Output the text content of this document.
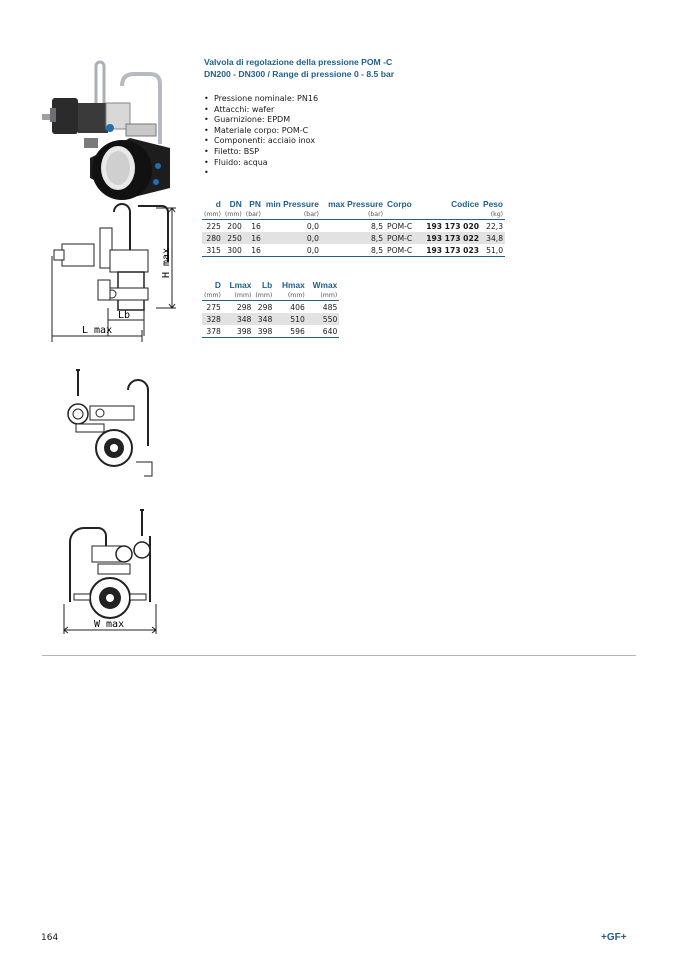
H max
Lb
L max
W max
Valvola di regolazione della pressione POM -C
DN200 - DN300 / Range di pressione 0 - 8.5 bar
• Pressione nominale: PN16
• Attacchi: wafer
• Guarnizione: EPDM
• Materiale corpo: POM-C
• Componenti: acciaio inox
• Filetto: BSP
• Fluido: acqua
•
d	DN	PN	min Pressure	max Pressure	Corpo	Codice	Peso
(mm)	(mm)	(bar)	(bar)	(bar)			(kg)
225	200	16	0,0	8,5	POM-C	193 173 020	22,3
280	250	16	0,0	8,5	POM-C	193 173 022	34,8
315	300	16	0,0	8,5	POM-C	193 173 023	51,0
D	Lmax	Lb	Hmax	Wmax
(mm)	(mm)	(mm)	(mm)	(mm)
275	298	298	406	485
328	348	348	510	550
378	398	398	596	640
164	+GF+
